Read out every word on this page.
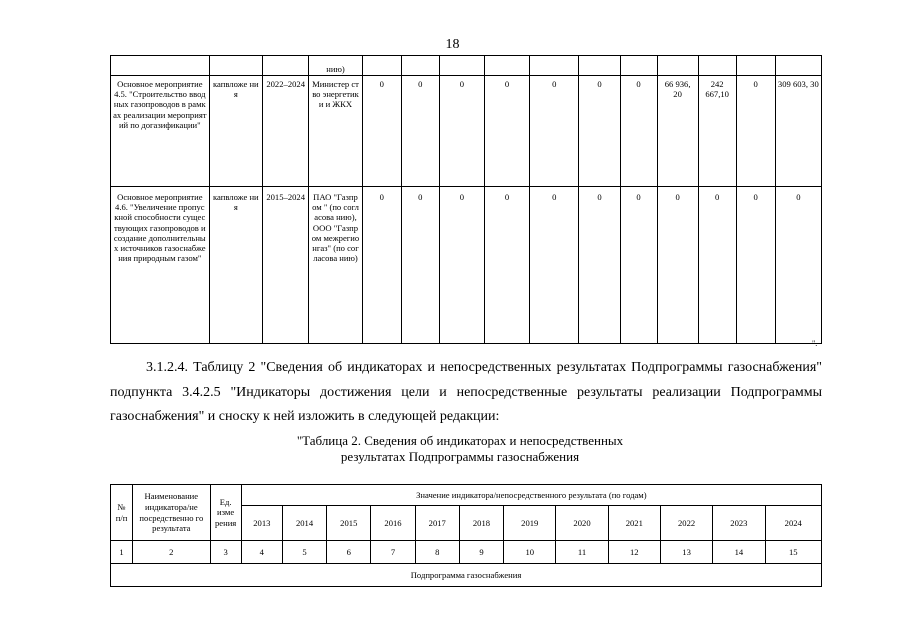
18
			нию)											
Основное мероприятие 4.5. "Строительство вводных газопроводов в рамках реализации мероприятий по догазификации"	капвложе ния	2022–2024	Министер ство энергетик и и ЖКХ	0	0	0	0	0	0	0	66 936, 20	242 667,10	0	309 603, 30
Основное мероприятие 4.6. "Увеличение пропускной способности существующих газопроводов и создание дополнительных источников газоснабжения природным газом"	капвложе ния	2015–2024	ПАО "Газпром " (по согласова нию), ООО "Газпром межрегио нгаз" (по согласова нию)	0	0	0	0	0	0	0	0	0	0	0
".
3.1.2.4. Таблицу 2 "Сведения об индикаторах и непосредственных результатах Подпрограммы газоснабжения" подпункта 3.4.2.5 "Индикаторы достижения цели и непосредственные результаты реализации Подпрограммы газоснабжения" и сноску к ней изложить в следующей редакции:
"Таблица 2. Сведения об индикаторах и непосредственных
результатах Подпрограммы газоснабжения
№ п/п	Наименование индикатора/не посредственно го результата	Ед. изме рения	Значение индикатора/непосредственного результата (по годам)											
			2013	2014	2015	2016	2017	2018	2019	2020	2021	2022	2023	2024
1	2	3	4	5	6	7	8	9	10	11	12	13	14	15
Подпрограмма газоснабжения														
